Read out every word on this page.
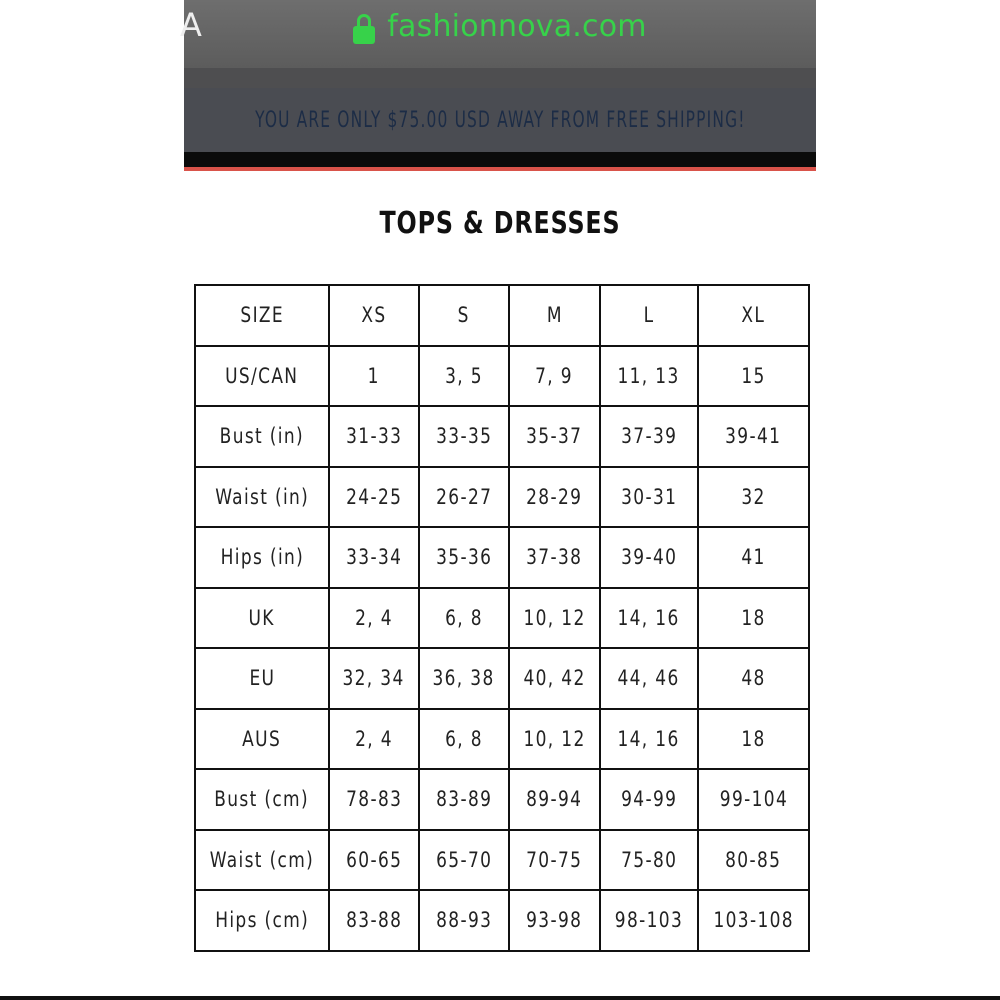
A	fashionnova.com
YOU ARE ONLY $75.00 USD AWAY FROM FREE SHIPPING!
TOPS & DRESSES
SIZE	XS	S	M	L	XL
US/CAN	1	3, 5	7, 9	11, 13	15
Bust (in)	31-33	33-35	35-37	37-39	39-41
Waist (in)	24-25	26-27	28-29	30-31	32
Hips (in)	33-34	35-36	37-38	39-40	41
UK	2, 4	6, 8	10, 12	14, 16	18
EU	32, 34	36, 38	40, 42	44, 46	48
AUS	2, 4	6, 8	10, 12	14, 16	18
Bust (cm)	78-83	83-89	89-94	94-99	99-104
Waist (cm)	60-65	65-70	70-75	75-80	80-85
Hips (cm)	83-88	88-93	93-98	98-103	103-108
